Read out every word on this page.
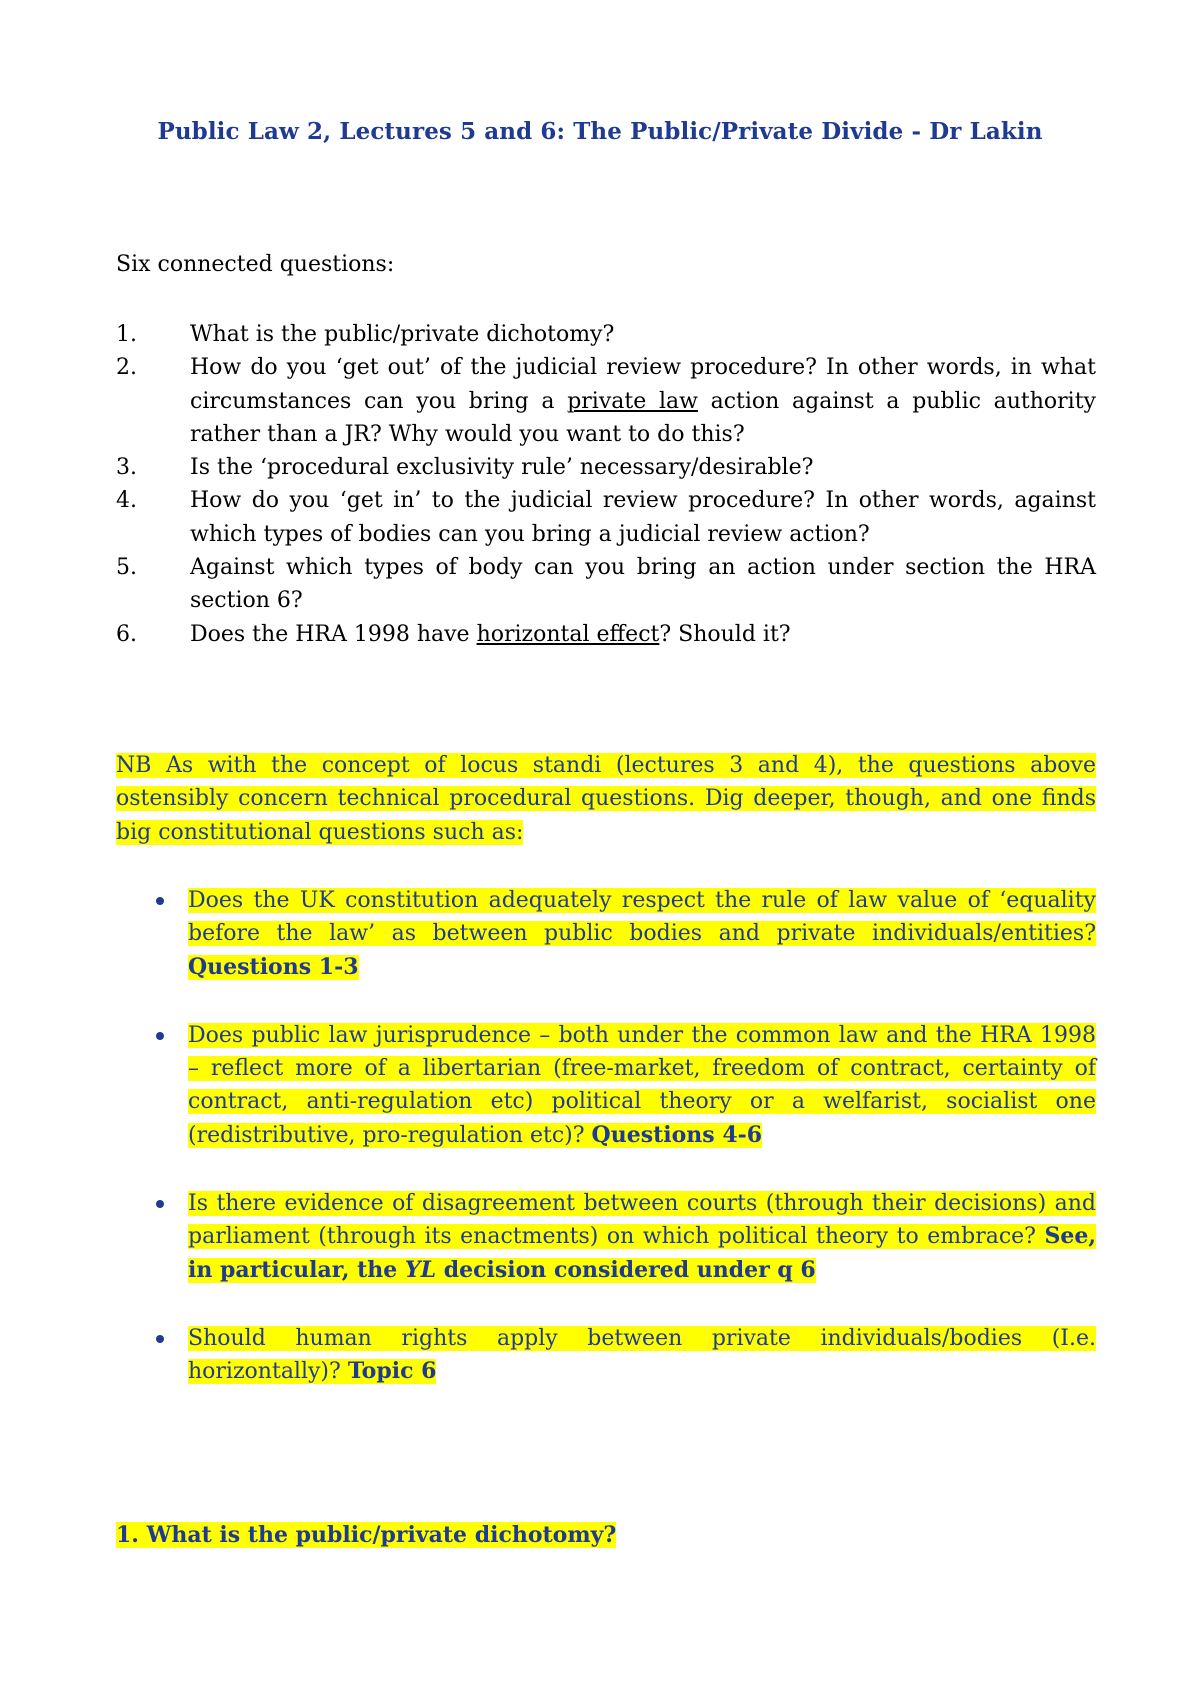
Public Law 2, Lectures 5 and 6: The Public/Private Divide - Dr Lakin
Six connected questions:
1. What is the public/private dichotomy?
2. How do you ‘get out’ of the judicial review procedure? In other words, in what circumstances can you bring a private law action against a public authority rather than a JR? Why would you want to do this?
3. Is the ‘procedural exclusivity rule’ necessary/desirable?
4. How do you ‘get in’ to the judicial review procedure? In other words, against which types of bodies can you bring a judicial review action?
5. Against which types of body can you bring an action under section the HRA section 6?
6. Does the HRA 1998 have horizontal effect? Should it?
NB As with the concept of locus standi (lectures 3 and 4), the questions above ostensibly concern technical procedural questions. Dig deeper, though, and one finds big constitutional questions such as:
Does the UK constitution adequately respect the rule of law value of ‘equality before the law’ as between public bodies and private individuals/entities? Questions 1-3
Does public law jurisprudence – both under the common law and the HRA 1998 – reflect more of a libertarian (free-market, freedom of contract, certainty of contract, anti-regulation etc) political theory or a welfarist, socialist one (redistributive, pro-regulation etc)? Questions 4-6
Is there evidence of disagreement between courts (through their decisions) and parliament (through its enactments) on which political theory to embrace? See, in particular, the YL decision considered under q 6
Should human rights apply between private individuals/bodies (I.e. horizontally)? Topic 6
1. What is the public/private dichotomy?
